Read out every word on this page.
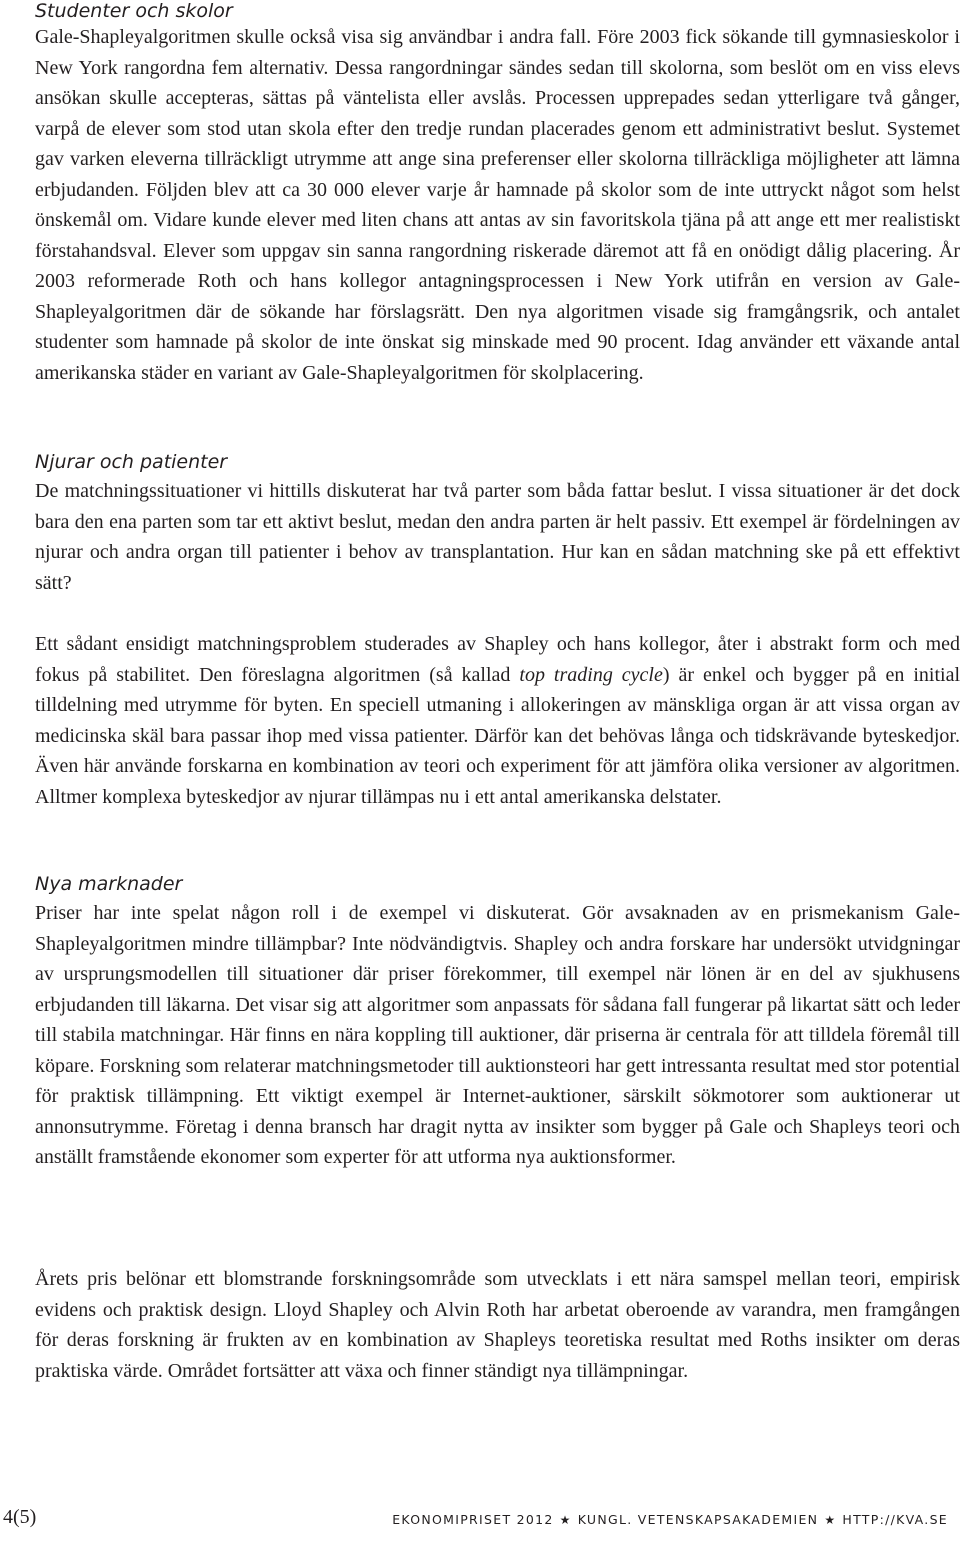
Studenter och skolor

Gale-Shapleyalgoritmen skulle också visa sig användbar i andra fall. Före 2003 fick sökande till gymnasieskolor i New York rangordna fem alternativ. Dessa rangordningar sändes sedan till skolorna, som beslöt om en viss elevs ansökan skulle accepteras, sättas på väntelista eller avslås. Processen upprepades sedan ytterligare två gånger, varpå de elever som stod utan skola efter den tredje rundan placerades genom ett administrativt beslut. Systemet gav varken eleverna tillräckligt utrymme att ange sina preferenser eller skolorna tillräckliga möjligheter att lämna erbjudanden. Följden blev att ca 30 000 elever varje år hamnade på skolor som de inte uttryckt något som helst önskemål om. Vidare kunde elever med liten chans att antas av sin favoritskola tjäna på att ange ett mer realistiskt förstahandsval. Elever som uppgav sin sanna rangordning riskerade däremot att få en onödigt dålig placering. År 2003 reformerade Roth och hans kollegor antagningsprocessen i New York utifrån en version av Gale-Shapleyalgoritmen där de sökande har förslagsrätt. Den nya algoritmen visade sig framgångsrik, och antalet studenter som hamnade på skolor de inte önskat sig minskade med 90 procent. Idag använder ett växande antal amerikanska städer en variant av Gale-Shapleyalgoritmen för skolplacering.

Njurar och patienter

De matchningssituationer vi hittills diskuterat har två parter som båda fattar beslut. I vissa situationer är det dock bara den ena parten som tar ett aktivt beslut, medan den andra parten är helt passiv. Ett exempel är fördelningen av njurar och andra organ till patienter i behov av transplantation. Hur kan en sådan matchning ske på ett effektivt sätt?

Ett sådant ensidigt matchningsproblem studerades av Shapley och hans kollegor, åter i abstrakt form och med fokus på stabilitet. Den föreslagna algoritmen (så kallad top trading cycle) är enkel och bygger på en initial tilldelning med utrymme för byten. En speciell utmaning i allokeringen av mänskliga organ är att vissa organ av medicinska skäl bara passar ihop med vissa patienter. Därför kan det behövas långa och tidskrävande byteskedjor. Även här använde forskarna en kombination av teori och experiment för att jämföra olika versioner av algoritmen. Alltmer komplexa byteskedjor av njurar tillämpas nu i ett antal amerikanska delstater.

Nya marknader

Priser har inte spelat någon roll i de exempel vi diskuterat. Gör avsaknaden av en prismekanism Gale-Shapleyalgoritmen mindre tillämpbar? Inte nödvändigtvis. Shapley och andra forskare har undersökt utvidgningar av ursprungsmodellen till situationer där priser förekommer, till exempel när lönen är en del av sjukhusens erbjudanden till läkarna. Det visar sig att algoritmer som anpassats för sådana fall fungerar på likartat sätt och leder till stabila matchningar. Här finns en nära koppling till auktioner, där priserna är centrala för att tilldela föremål till köpare. Forskning som relaterar matchningsmetoder till auktionsteori har gett intressanta resultat med stor potential för praktisk tillämpning. Ett viktigt exempel är Internet-auktioner, särskilt sökmotorer som auktionerar ut annonsutrymme. Företag i denna bransch har dragit nytta av insikter som bygger på Gale och Shapleys teori och anställt framstående ekonomer som experter för att utforma nya auktionsformer.

Årets pris belönar ett blomstrande forskningsområde som utvecklats i ett nära samspel mellan teori, empirisk evidens och praktisk design. Lloyd Shapley och Alvin Roth har arbetat oberoende av varandra, men framgången för deras forskning är frukten av en kombination av Shapleys teoretiska resultat med Roths insikter om deras praktiska värde. Området fortsätter att växa och finner ständigt nya tillämpningar.

4(5)	EKONOMIPRISET 2012 ★ KUNGL. VETENSKAPSAKADEMIEN ★ HTTP://KVA.SE
